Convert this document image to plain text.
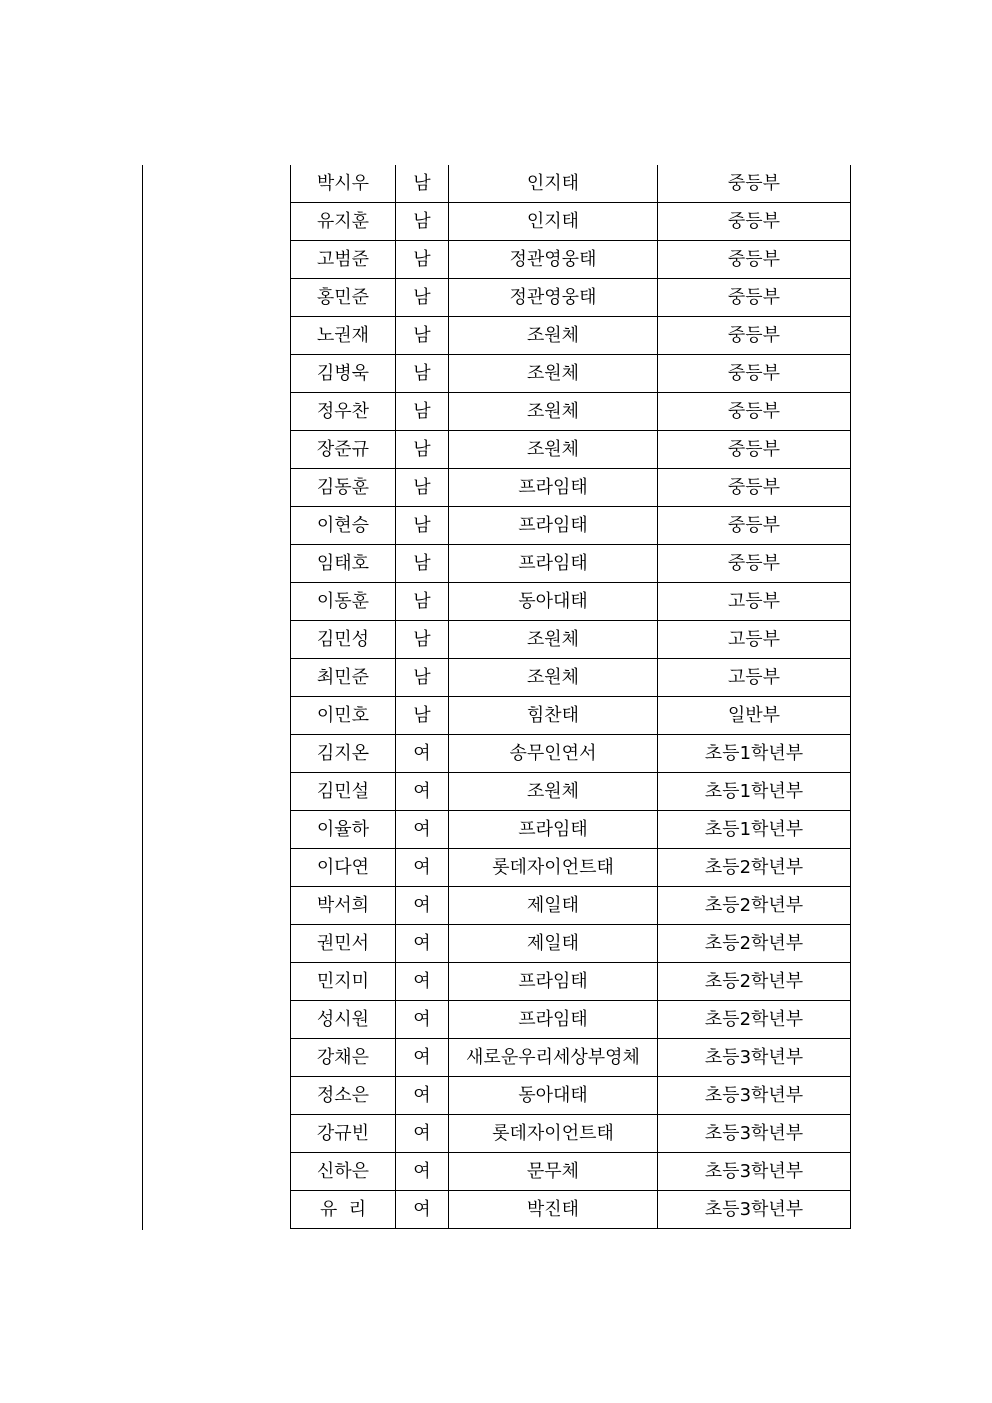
박시우	남	인지태	중등부
유지훈	남	인지태	중등부
고범준	남	정관영웅태	중등부
홍민준	남	정관영웅태	중등부
노권재	남	조원체	중등부
김병욱	남	조원체	중등부
정우찬	남	조원체	중등부
장준규	남	조원체	중등부
김동훈	남	프라임태	중등부
이현승	남	프라임태	중등부
임태호	남	프라임태	중등부
이동훈	남	동아대태	고등부
김민성	남	조원체	고등부
최민준	남	조원체	고등부
이민호	남	힘찬태	일반부
김지온	여	송무인연서	초등1학년부
김민설	여	조원체	초등1학년부
이율하	여	프라임태	초등1학년부
이다연	여	롯데자이언트태	초등2학년부
박서희	여	제일태	초등2학년부
권민서	여	제일태	초등2학년부
민지미	여	프라임태	초등2학년부
성시원	여	프라임태	초등2학년부
강채은	여	새로운우리세상부영체	초등3학년부
정소은	여	동아대태	초등3학년부
강규빈	여	롯데자이언트태	초등3학년부
신하은	여	문무체	초등3학년부
유  리	여	박진태	초등3학년부
